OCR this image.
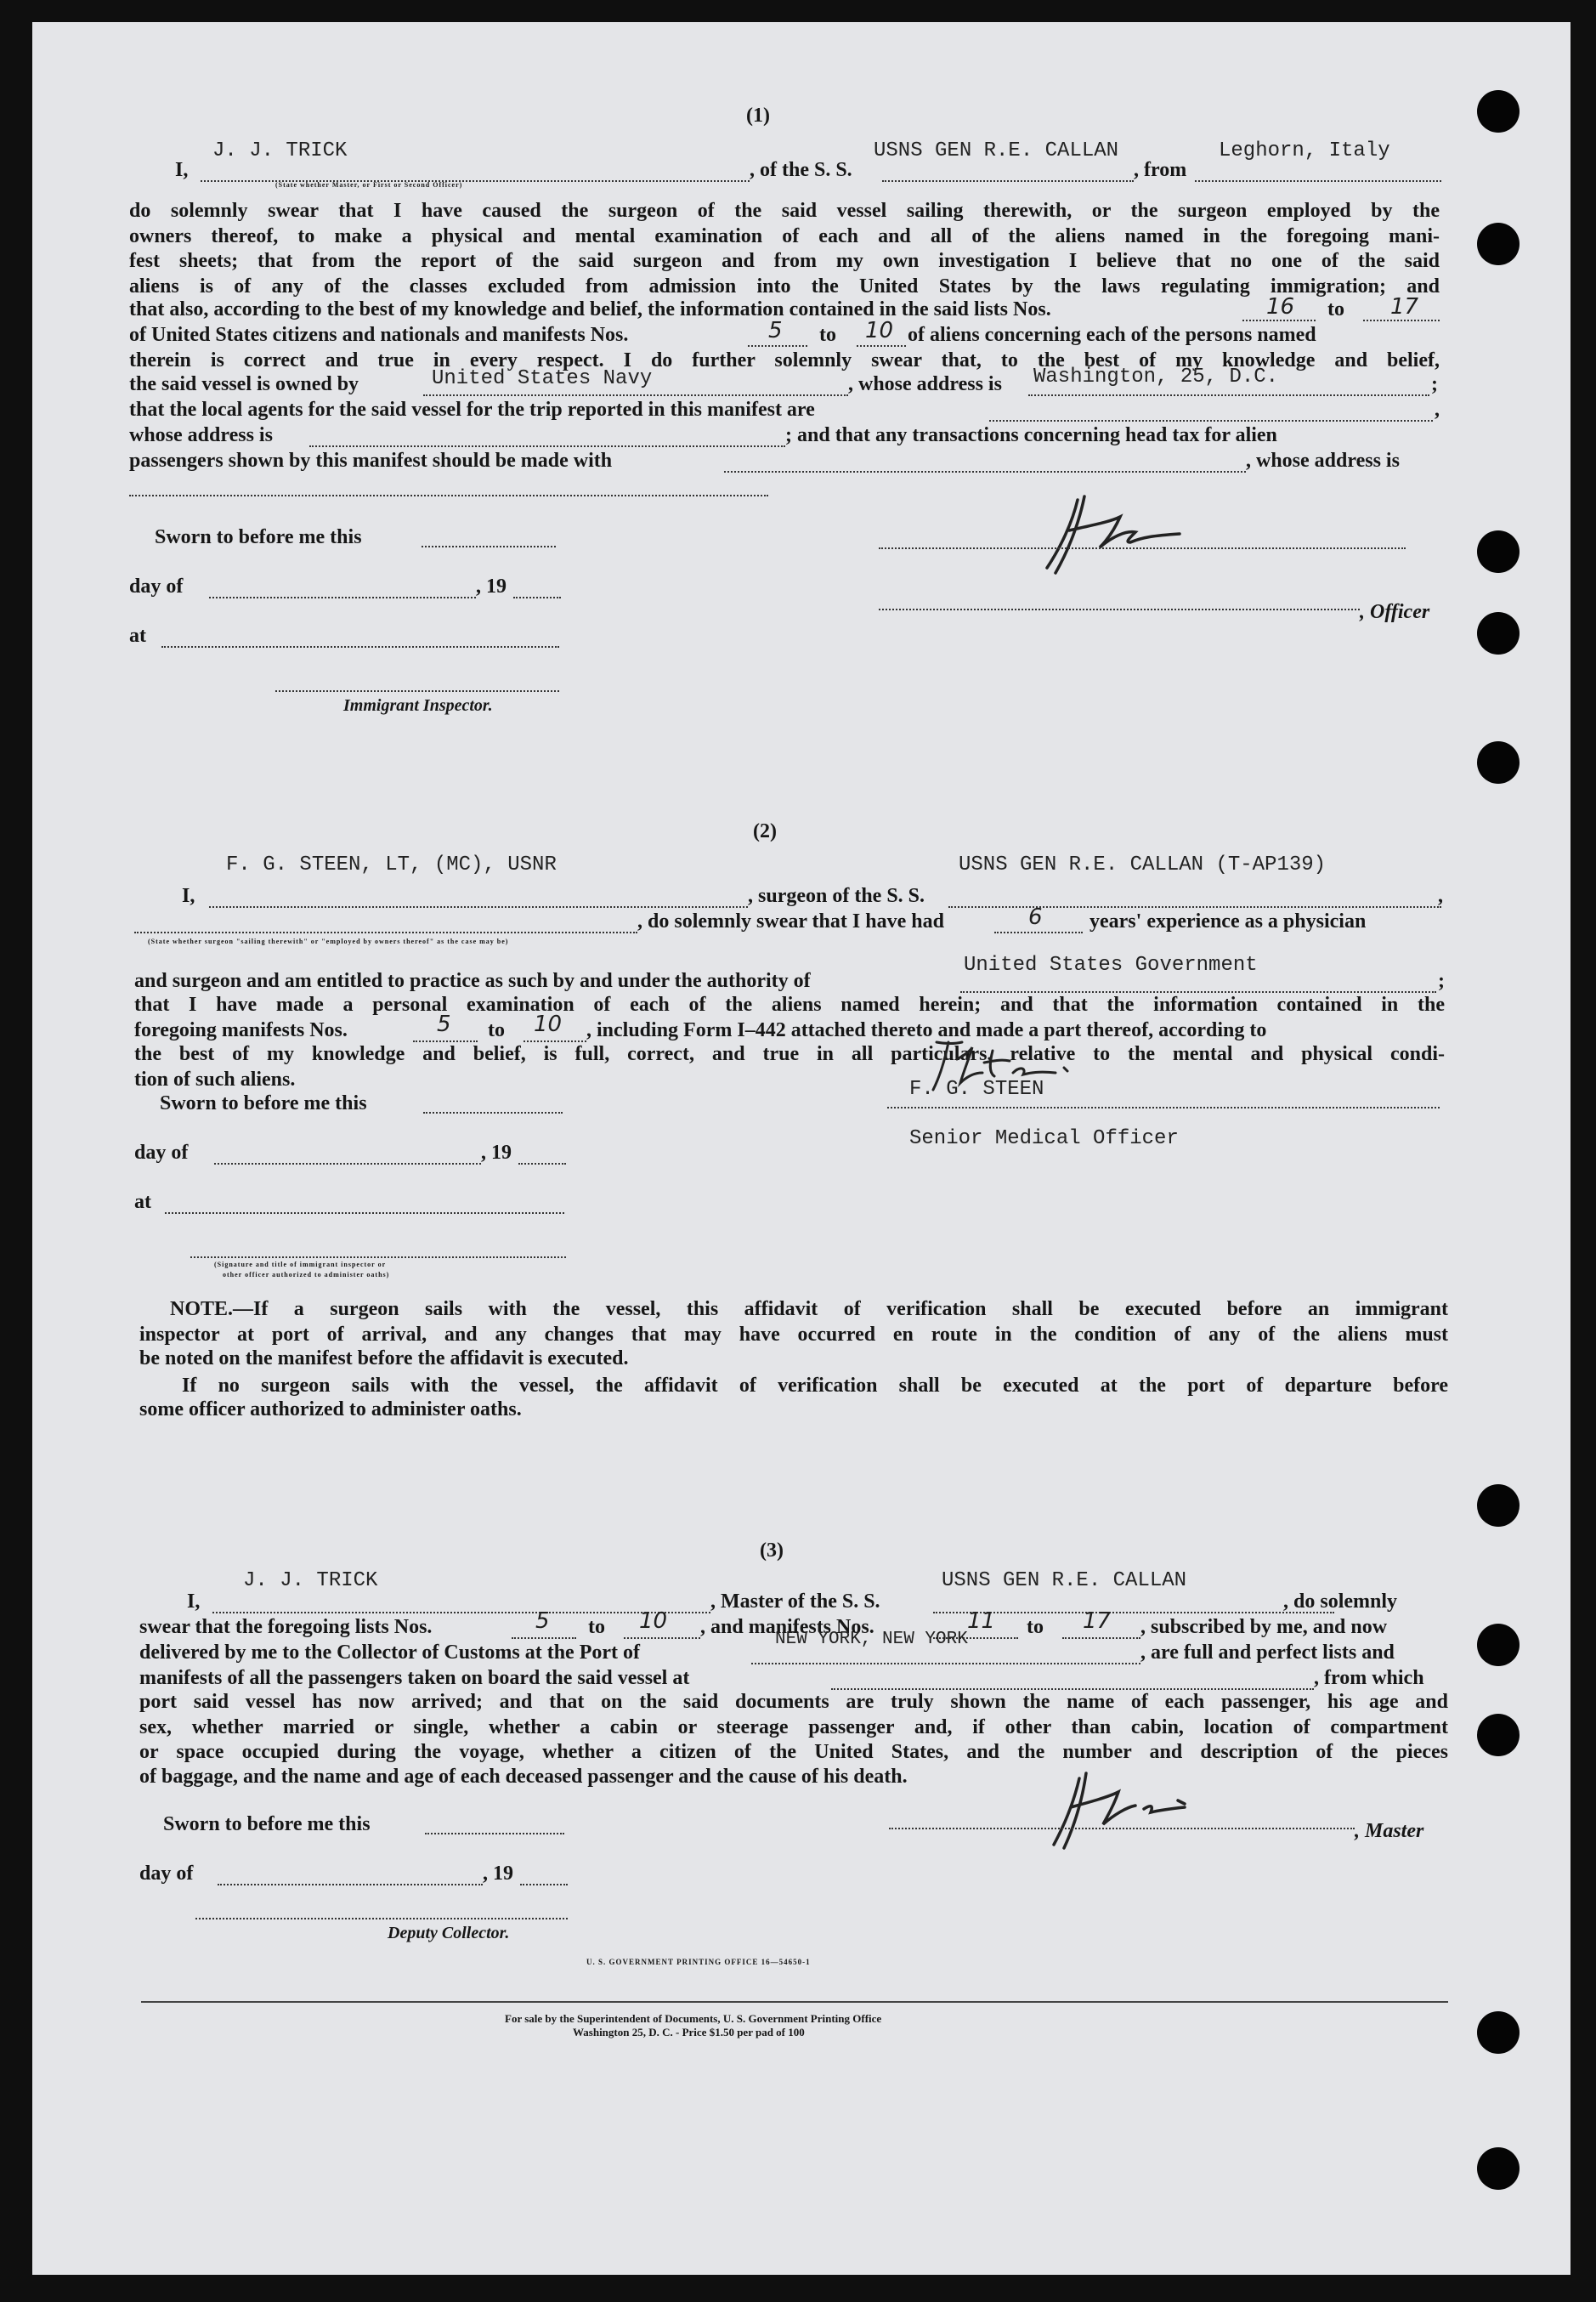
(1)
I,
J. J. TRICK
(State whether Master, or First or Second Officer)
, of the S. S.
USNS GEN R.E. CALLAN
, from
Leghorn, Italy
do solemnly swear that I have caused the surgeon of the said vessel sailing therewith, or the surgeon employed by the
owners thereof, to make a physical and mental examination of each and all of the aliens named in the foregoing mani-
fest sheets; that from the report of the said surgeon and from my own investigation I believe that no one of the said
aliens is of any of the classes excluded from admission into the United States by the laws regulating immigration; and
that also, according to the best of my knowledge and belief, the information contained in the said lists Nos.	16 to 17
of United States citizens and nationals and manifests Nos.	5 to 10 of aliens concerning each of the persons named
therein is correct and true in every respect. I do further solemnly swear that, to the best of my knowledge and belief,
the said vessel is owned by	United States Navy	, whose address is Washington, 25, D.C.	;
that the local agents for the said vessel for the trip reported in this manifest are	,
whose address is	; and that any transactions concerning head tax for alien
passengers shown by this manifest should be made with	, whose address is
Sworn to before me this
day of	, 19
at
Immigrant Inspector.
, Officer
(2)
I,
F. G. STEEN, LT, (MC), USNR
, surgeon of the S. S.
USNS GEN R.E. CALLAN (T-AP139)
,
, do solemnly swear that I have had	6 years' experience as a physician
(State whether surgeon "sailing therewith" or "employed by owners thereof" as the case may be)
and surgeon and am entitled to practice as such by and under the authority of
United States Government
;
that I have made a personal examination of each of the aliens named herein; and that the information contained in the
foregoing manifests Nos.	5 to 10 , including Form I–442 attached thereto and made a part thereof, according to
the best of my knowledge and belief, is full, correct, and true in all particulars, relative to the mental and physical condi-
tion of such aliens.
Sworn to before me this
day of	, 19
at
(Signature and title of immigrant inspector or
other officer authorized to administer oaths)
F. G. STEEN
Senior Medical Officer
NOTE.—If a surgeon sails with the vessel, this affidavit of verification shall be executed before an immigrant
inspector at port of arrival, and any changes that may have occurred en route in the condition of any of the aliens must
be noted on the manifest before the affidavit is executed.
If no surgeon sails with the vessel, the affidavit of verification shall be executed at the port of departure before
some officer authorized to administer oaths.
(3)
I,
J. J. TRICK
, Master of the S. S.
USNS GEN R.E. CALLAN
, do solemnly
swear that the foregoing lists Nos.	5 to 10 , and manifests Nos.	11 to 17 , subscribed by me, and now
delivered by me to the Collector of Customs at the Port of
NEW YORK, NEW YORK
, are full and perfect lists and
manifests of all the passengers taken on board the said vessel at	, from which
port said vessel has now arrived; and that on the said documents are truly shown the name of each passenger, his age and
sex, whether married or single, whether a cabin or steerage passenger and, if other than cabin, location of compartment
or space occupied during the voyage, whether a citizen of the United States, and the number and description of the pieces
of baggage, and the name and age of each deceased passenger and the cause of his death.
Sworn to before me this
day of	, 19
Deputy Collector.
, Master
U. S. GOVERNMENT PRINTING OFFICE 16—54650-1
For sale by the Superintendent of Documents, U. S. Government Printing Office
Washington 25, D. C. - Price $1.50 per pad of 100
